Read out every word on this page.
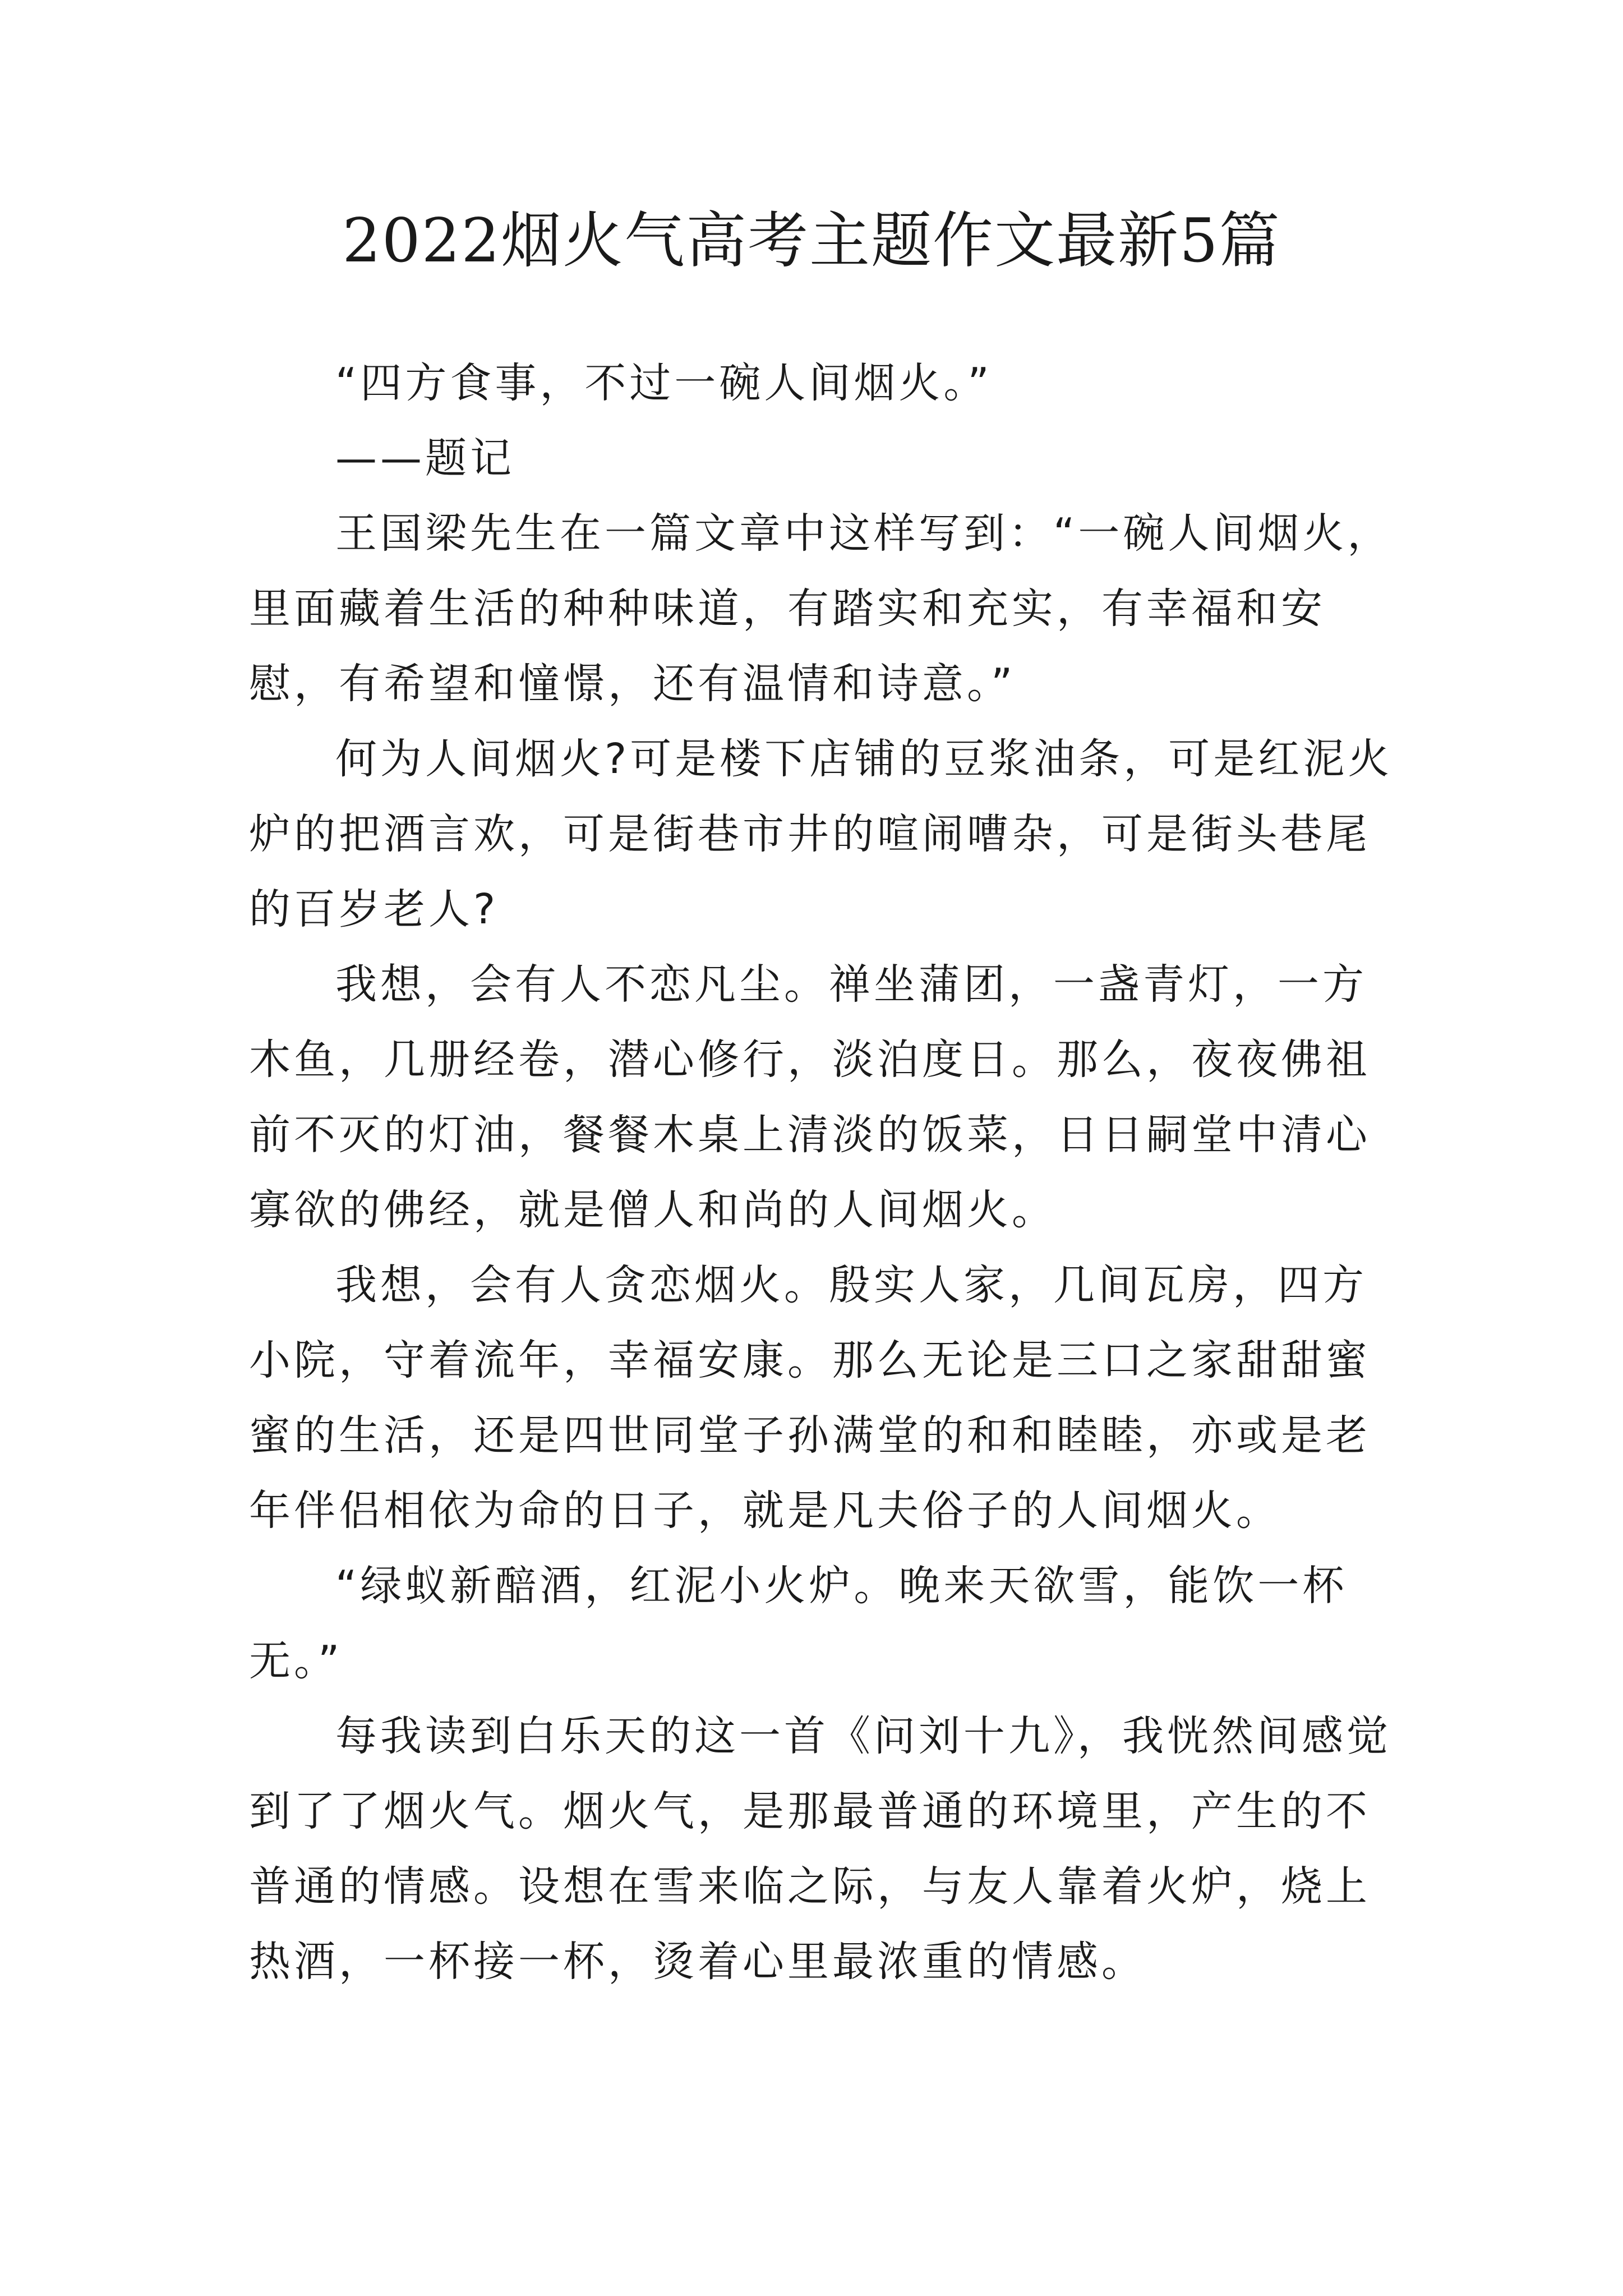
2022烟火气高考主题作文最新5篇

“四方食事，不过一碗人间烟火。”

——题记

王国梁先生在一篇文章中这样写到：“一碗人间烟火，里面藏着生活的种种味道，有踏实和充实，有幸福和安慰，有希望和憧憬，还有温情和诗意。”

何为人间烟火?可是楼下店铺的豆浆油条，可是红泥火炉的把酒言欢，可是街巷市井的喧闹嘈杂，可是街头巷尾的百岁老人?

我想，会有人不恋凡尘。禅坐蒲团，一盏青灯，一方木鱼，几册经卷，潜心修行，淡泊度日。那么，夜夜佛祖前不灭的灯油，餐餐木桌上清淡的饭菜，日日嗣堂中清心寡欲的佛经，就是僧人和尚的人间烟火。

我想，会有人贪恋烟火。殷实人家，几间瓦房，四方小院，守着流年，幸福安康。那么无论是三口之家甜甜蜜蜜的生活，还是四世同堂子孙满堂的和和睦睦，亦或是老年伴侣相依为命的日子，就是凡夫俗子的人间烟火。

“绿蚁新醅酒，红泥小火炉。晚来天欲雪，能饮一杯无。”

每我读到白乐天的这一首《问刘十九》，我恍然间感觉到了了烟火气。烟火气，是那最普通的环境里，产生的不普通的情感。设想在雪来临之际，与友人靠着火炉，烧上热酒，一杯接一杯，烫着心里最浓重的情感。
